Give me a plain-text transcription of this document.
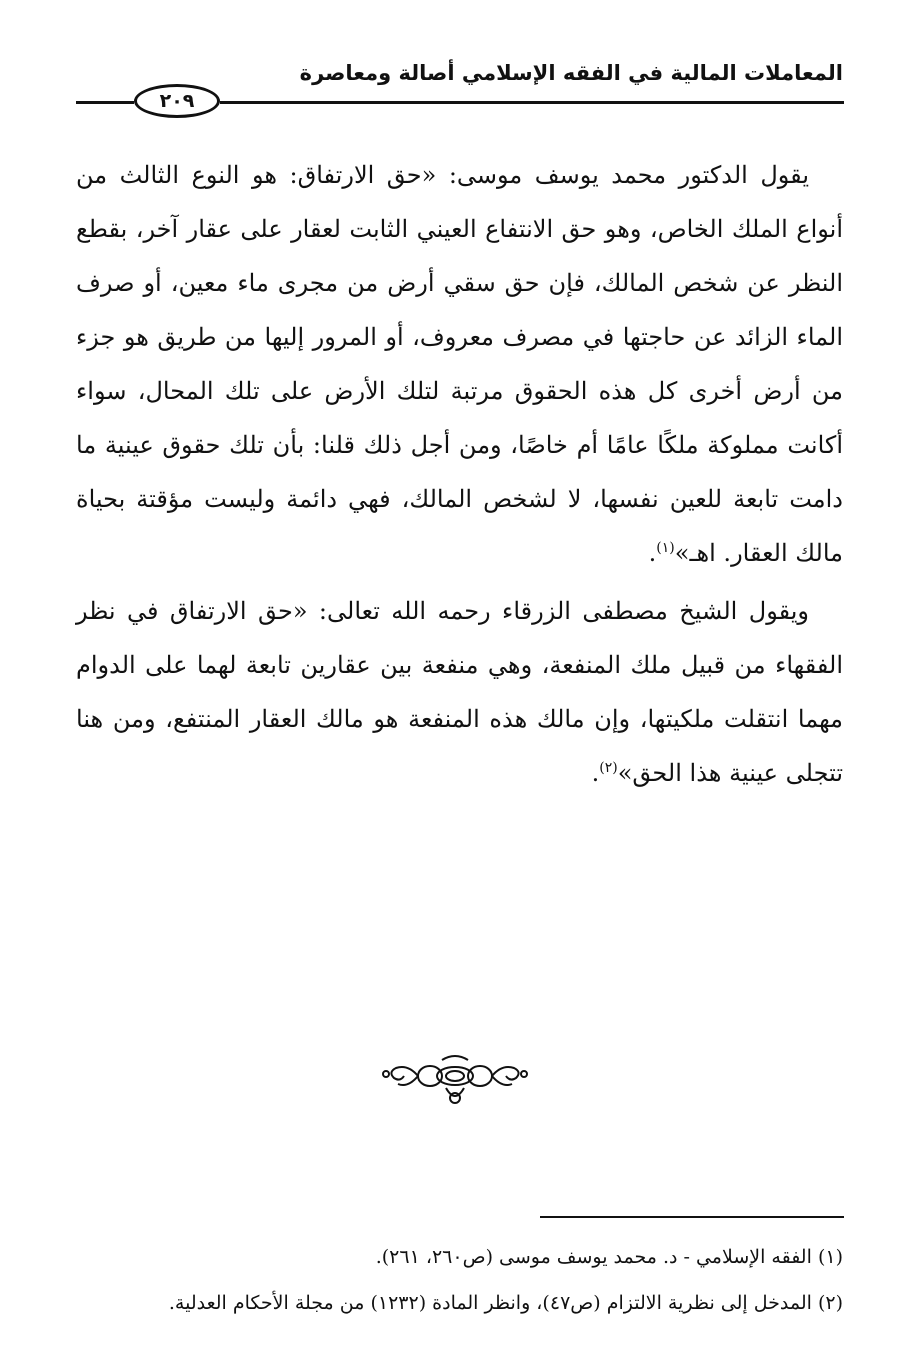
المعاملات المالية في الفقه الإسلامي أصالة ومعاصرة
٢٠٩

يقول الدكتور محمد يوسف موسى: «حق الارتفاق: هو النوع الثالث من أنواع الملك الخاص، وهو حق الانتفاع العيني الثابت لعقار على عقار آخر، بقطع النظر عن شخص المالك، فإن حق سقي أرض من مجرى ماء معين، أو صرف الماء الزائد عن حاجتها في مصرف معروف، أو المرور إليها من طريق هو جزء من أرض أخرى كل هذه الحقوق مرتبة لتلك الأرض على تلك المحال، سواء أكانت مملوكة ملكًا عامًا أم خاصًا، ومن أجل ذلك قلنا: بأن تلك حقوق عينية ما دامت تابعة للعين نفسها، لا لشخص المالك، فهي دائمة وليست مؤقتة بحياة مالك العقار. اهـ»$^{(١)}$.

ويقول الشيخ مصطفى الزرقاء رحمه الله تعالى: «حق الارتفاق في نظر الفقهاء من قبيل ملك المنفعة، وهي منفعة بين عقارين تابعة لهما على الدوام مهما انتقلت ملكيتها، وإن مالك هذه المنفعة هو مالك العقار المنتفع، ومن هنا تتجلى عينية هذا الحق»$^{(٢)}$.

(١) الفقه الإسلامي - د. محمد يوسف موسى (ص٢٦٠، ٢٦١).

(٢) المدخل إلى نظرية الالتزام (ص٤٧)، وانظر المادة (١٢٣٢) من مجلة الأحكام العدلية.
